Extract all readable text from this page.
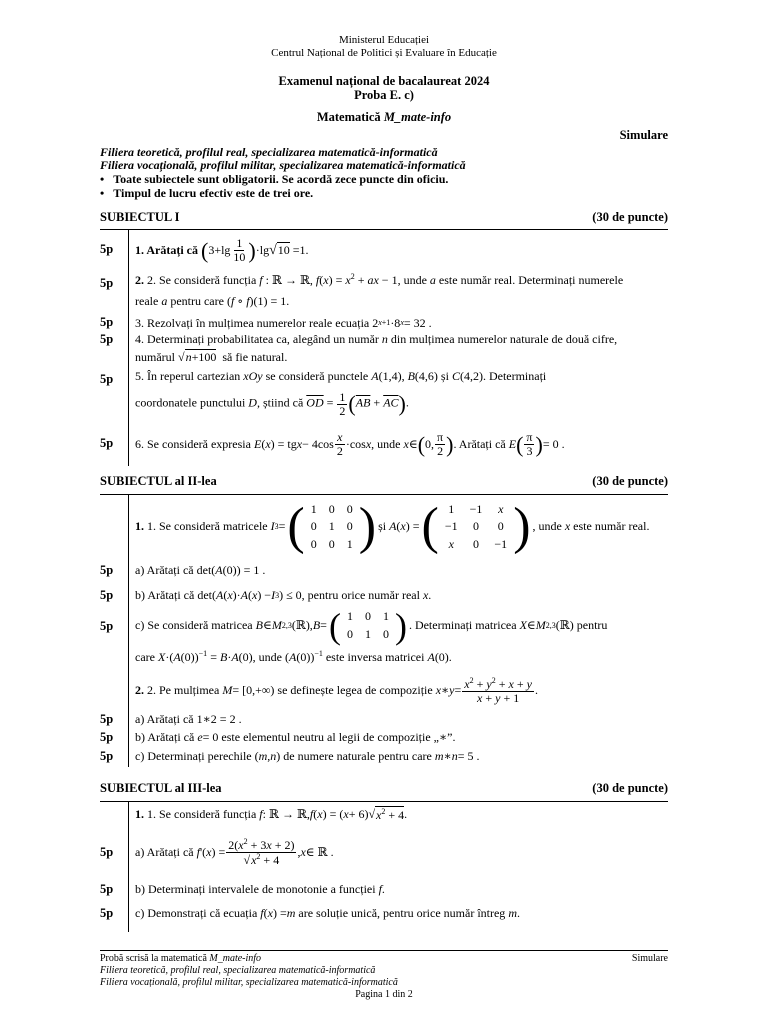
Ministerul Educației
Centrul Național de Politici și Evaluare în Educație
Examenul național de bacalaureat 2024
Proba E. c)
Matematică M_mate-info
Simulare
Filiera teoretică, profilul real, specializarea matematică-informatică
Filiera vocațională, profilul militar, specializarea matematică-informatică
•   Toate subiectele sunt obligatorii. Se acordă zece puncte din oficiu.
•   Timpul de lucru efectiv este de trei ore.
SUBIECTUL I	(30 de puncte)
5p	1. Arătați că
( $3+\lg \frac{1}{10}$ ) ·lg √ 10 =1.
5p	2. 2. Se consideră funcția f : ℝ → ℝ, $f(x) = x^2$ + ax − 1, unde a este număr real. Determinați numerele
reale a pentru care (f ∘ f)(1) = 1.
5p	3. Rezolvați în mulțimea numerelor reale ecuația 2 x+1 ·8 x = 32 .
5p	4. Determinați probabilitatea ca, alegând un număr n din mulțimea numerelor naturale de două cifre,
numărul √n+100 să fie natural.
5p	5. În reperul cartezian xOy se consideră punctele A(1,4), B(4,6) și C(4,2). Determinați
coordonatele punctului D, știind că $\overline{OD} = \frac{1}{2} (\overline{AB} + \overline{AC})$.
5p	6. Se consideră expresia
E ( x ) = tg $x - 4\cos \frac{x}{2} \cdot\cos$ x , unde
x ∈ ( 0, $\frac{\pi}{2}$ ) . Arătați că
E ( $\frac{\pi}{3}$ ) = 0 .
SUBIECTUL al II-lea	(30 de puncte)
1.
1. Se consideră matricele
I 3 = ( 1	0	0
0	1	0
0	0	1 ) și
A ( x ) = ( 1	−1	x
−1	0	0
x	0	−1 ) , unde
x
este număr real.
5p	a) Arătați că det( A (0)) = 1 .
5p	b) Arătați că det( A ( x )· A ( x ) − I 3 ) ≤ 0 , pentru orice număr real
x .
5p	c) Se consideră matricea
B ∈ M 2,3 (ℝ), B = ( 1	0	1
0	1	0 ) . Determinați matricea
X ∈ M 2,3 (ℝ) pentru
care $X\cdot(A(0))^{-1} = B\cdot A(0)$, unde $(A(0))^{-1}$ este inversa matricei A(0).
2.
2. Pe mulțimea
M = [0,+∞) se definește legea de compoziție
x ∗ $y = \frac{x^2 + y^2 + x + y}{x + y + 1}$ .
5p	a) Arătați că 1∗2 = 2 .
5p	b) Arătați că
e = 0 este elementul neutru al legii de compoziție „∗”.
5p	c) Determinați perechile ( m , n ) de numere naturale pentru care
m ∗ n = 5 .
SUBIECTUL al III-lea	(30 de puncte)
1.
1. Se consideră funcția
f : ℝ → ℝ, f ( x ) = ( x + 6)√ $x^2 + 4$ .
5p	a) Arătați că
f '( x ) = $\frac{2(x^2 + 3x + 2)}{√x^2 + 4}$ , x ∈ ℝ .
5p	b) Determinați intervalele de monotonie a funcției
f .
5p	c) Demonstrați că ecuația
f ( x ) = m
are soluție unică, pentru orice număr întreg
m .
Probă scrisă la matematică M_mate-info	Simulare
Filiera teoretică, profilul real, specializarea matematică-informatică
Filiera vocațională, profilul militar, specializarea matematică-informatică
Pagina 1 din 2
